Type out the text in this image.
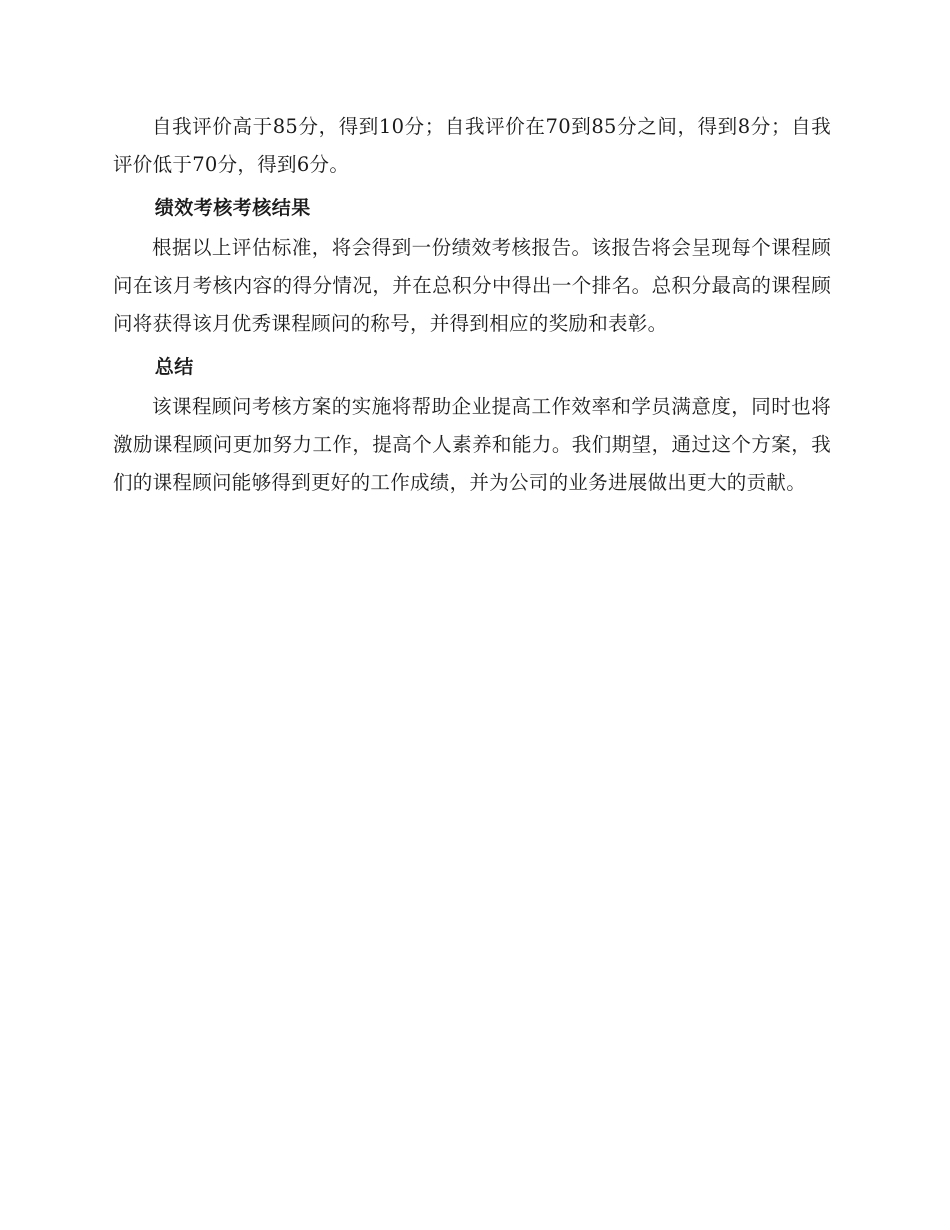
自我评价高于85分，得到10分；自我评价在70到85分之间，得到8分；自我评价低于70分，得到6分。

绩效考核考核结果

根据以上评估标准，将会得到一份绩效考核报告。该报告将会呈现每个课程顾问在该月考核内容的得分情况，并在总积分中得出一个排名。总积分最高的课程顾问将获得该月优秀课程顾问的称号，并得到相应的奖励和表彰。

总结

该课程顾问考核方案的实施将帮助企业提高工作效率和学员满意度，同时也将激励课程顾问更加努力工作，提高个人素养和能力。我们期望，通过这个方案，我们的课程顾问能够得到更好的工作成绩，并为公司的业务进展做出更大的贡献。
